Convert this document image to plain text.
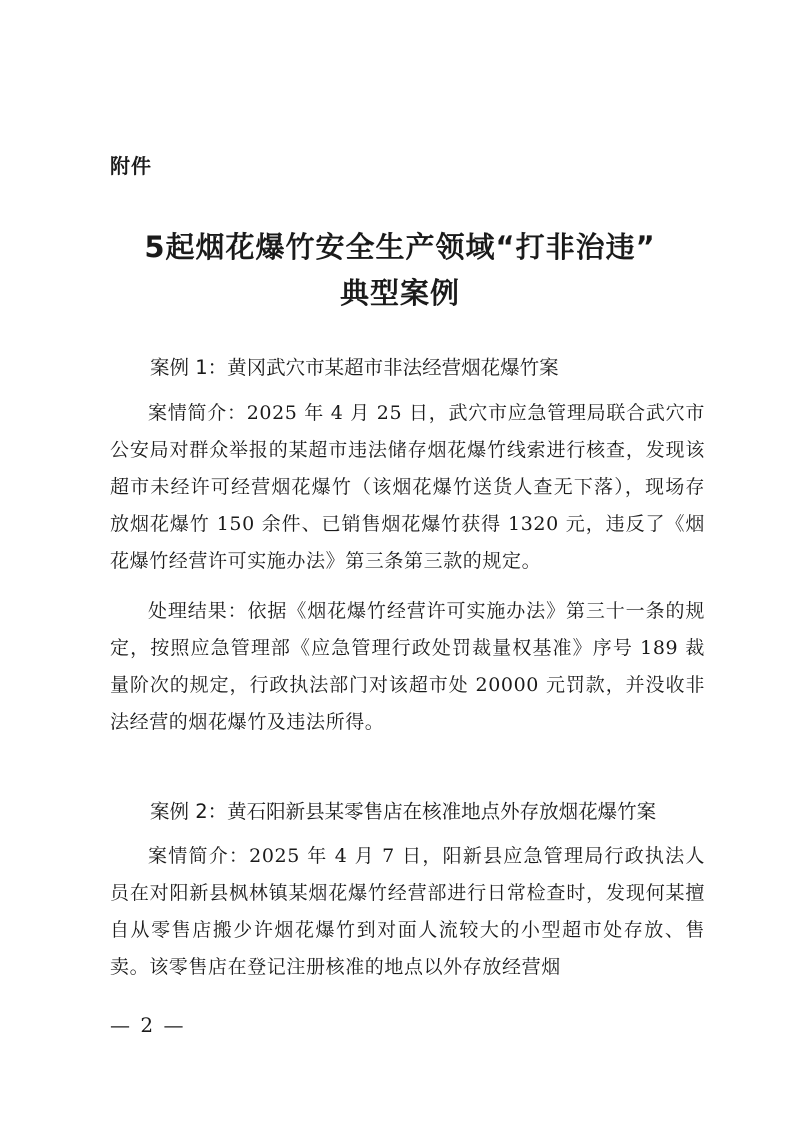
附件
5起烟花爆竹安全生产领域“打非治违”
典型案例
案例 1：黄冈武穴市某超市非法经营烟花爆竹案

案情简介：2025 年 4 月 25 日，武穴市应急管理局联合武穴市公安局对群众举报的某超市违法储存烟花爆竹线索进行核查，发现该超市未经许可经营烟花爆竹（该烟花爆竹送货人查无下落），现场存放烟花爆竹 150 余件、已销售烟花爆竹获得 1320 元，违反了《烟花爆竹经营许可实施办法》第三条第三款的规定。

处理结果：依据《烟花爆竹经营许可实施办法》第三十一条的规定，按照应急管理部《应急管理行政处罚裁量权基准》序号 189 裁量阶次的规定，行政执法部门对该超市处 20000 元罚款，并没收非法经营的烟花爆竹及违法所得。

案例 2：黄石阳新县某零售店在核准地点外存放烟花爆竹案

案情简介：2025 年 4 月 7 日，阳新县应急管理局行政执法人员在对阳新县枫林镇某烟花爆竹经营部进行日常检查时，发现何某擅自从零售店搬少许烟花爆竹到对面人流较大的小型超市处存放、售卖。该零售店在登记注册核准的地点以外存放经营烟

— 2 —
